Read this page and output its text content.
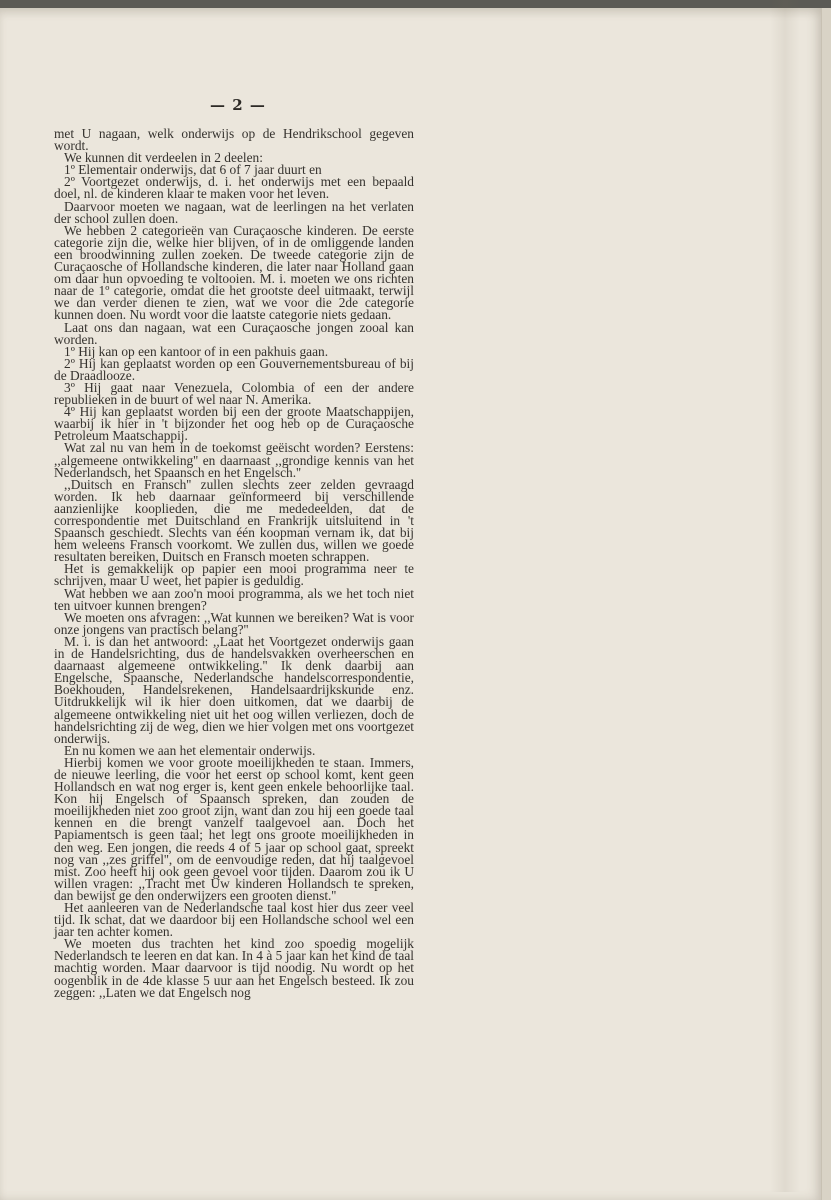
— 2 —

met U nagaan, welk onderwijs op de Hendrikschool gegeven wordt.

We kunnen dit verdeelen in 2 deelen:

1º Elementair onderwijs, dat 6 of 7 jaar duurt en

2º Voortgezet onderwijs, d. i. het onderwijs met een bepaald doel, nl. de kinderen klaar te maken voor het leven.

Daarvoor moeten we nagaan, wat de leerlingen na het verlaten der school zullen doen.

We hebben 2 categorieën van Curaçaosche kinderen. De eerste categorie zijn die, welke hier blijven, of in de omliggende landen een broodwinning zullen zoeken. De tweede categorie zijn de Curaçaosche of Hollandsche kinderen, die later naar Holland gaan om daar hun opvoeding te voltooien. M. i. moeten we ons richten naar de 1º categorie, omdat die het grootste deel uitmaakt, terwijl we dan verder dienen te zien, wat we voor die 2de categorie kunnen doen. Nu wordt voor die laatste categorie niets gedaan.

Laat ons dan nagaan, wat een Curaçaosche jongen zooal kan worden.

1º Hij kan op een kantoor of in een pakhuis gaan.

2º Hij kan geplaatst worden op een Gouvernementsbureau of bij de Draadlooze.

3º Hij gaat naar Venezuela, Colombia of een der andere republieken in de buurt of wel naar N. Amerika.

4º Hij kan geplaatst worden bij een der groote Maatschappijen, waarbij ik hier in 't bijzonder het oog heb op de Curaçaosche Petroleum Maatschappij.

Wat zal nu van hem in de toekomst geëischt worden? Eerstens: ,,algemeene ontwikkeling'' en daarnaast ,,grondige kennis van het Nederlandsch, het Spaansch en het Engelsch.''

,,Duitsch en Fransch'' zullen slechts zeer zelden gevraagd worden. Ik heb daarnaar geïnformeerd bij verschillende aanzienlijke kooplieden, die me mededeelden, dat de correspondentie met Duitschland en Frankrijk uitsluitend in 't Spaansch geschiedt. Slechts van één koopman vernam ik, dat bij hem weleens Fransch voorkomt. We zullen dus, willen we goede resultaten bereiken, Duitsch en Fransch moeten schrappen.

Het is gemakkelijk op papier een mooi programma neer te schrijven, maar U weet, het papier is geduldig.

Wat hebben we aan zoo'n mooi programma, als we het toch niet ten uitvoer kunnen brengen?

We moeten ons afvragen: ,,Wat kunnen we bereiken? Wat is voor onze jongens van practisch belang?''

M. i. is dan het antwoord: ,,Laat het Voortgezet onderwijs gaan in de Handelsrichting, dus de handelsvakken overheerschen en daarnaast algemeene ontwikkeling.'' Ik denk daarbij aan Engelsche, Spaansche, Nederlandsche handelscorrespondentie, Boekhouden, Handelsrekenen, Handelsaardrijkskunde enz. Uitdrukkelijk wil ik hier doen uitkomen, dat we daarbij de algemeene ontwikkeling niet uit het oog willen verliezen, doch de handelsrichting zij de weg, dien we hier volgen met ons voortgezet onderwijs.

En nu komen we aan het elementair onderwijs.

Hierbij komen we voor groote moeilijkheden te staan. Immers, de nieuwe leerling, die voor het eerst op school komt, kent geen Hollandsch en wat nog erger is, kent geen enkele behoorlijke taal. Kon hij Engelsch of Spaansch spreken, dan zouden de moeilijkheden niet zoo groot zijn, want dan zou hij een goede taal kennen en die brengt vanzelf taalgevoel aan. Doch het Papiamentsch is geen taal; het legt ons groote moeilijkheden in den weg. Een jongen, die reeds 4 of 5 jaar op school gaat, spreekt nog van ,,zes griffel'', om de eenvoudige reden, dat hij taalgevoel mist. Zoo heeft hij ook geen gevoel voor tijden. Daarom zou ik U willen vragen: ,,Tracht met Uw kinderen Hollandsch te spreken, dan bewijst ge den onderwijzers een grooten dienst.''

Het aanleeren van de Nederlandsche taal kost hier dus zeer veel tijd. Ik schat, dat we daardoor bij een Hollandsche school wel een jaar ten achter komen.

We moeten dus trachten het kind zoo spoedig mogelijk Nederlandsch te leeren en dat kan. In 4 à 5 jaar kan het kind de taal machtig worden. Maar daarvoor is tijd noodig. Nu wordt op het oogenblik in de 4de klasse 5 uur aan het Engelsch besteed. Ik zou zeggen: ,,Laten we dat Engelsch nog
